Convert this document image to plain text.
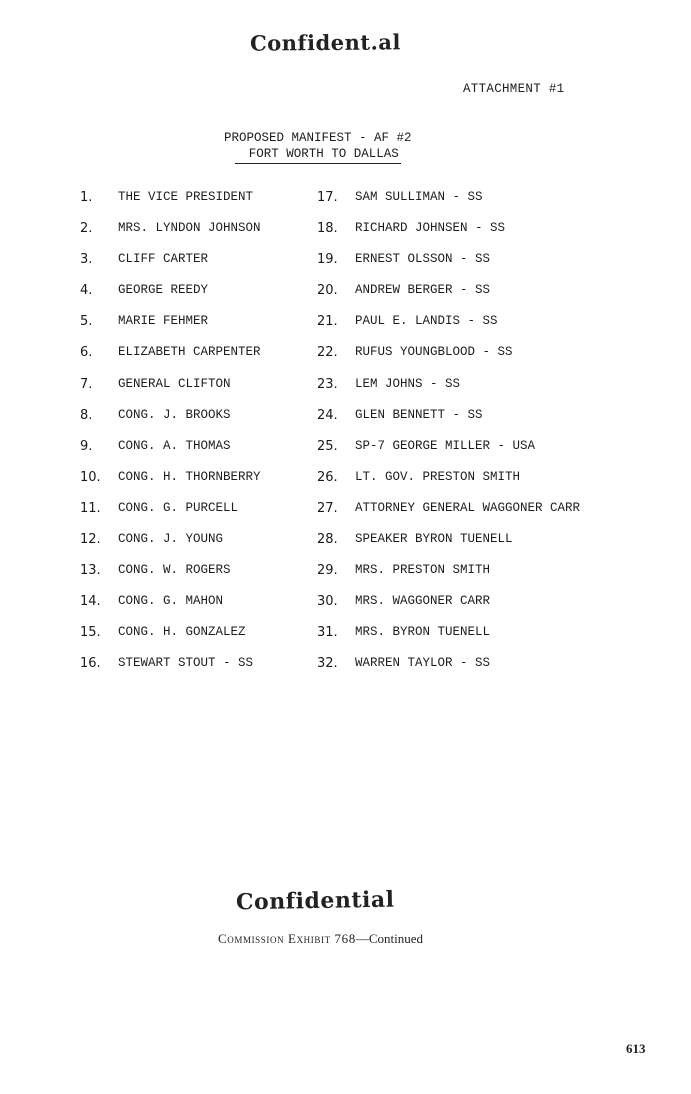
Confident.al
ATTACHMENT #1
PROPOSED MANIFEST - AF #2
FORT WORTH TO DALLAS
1.	THE VICE PRESIDENT
2.	MRS. LYNDON JOHNSON
3.	CLIFF CARTER
4.	GEORGE REEDY
5.	MARIE FEHMER
6.	ELIZABETH CARPENTER
7.	GENERAL CLIFTON
8.	CONG. J. BROOKS
9.	CONG. A. THOMAS
10.	CONG. H. THORNBERRY
11.	CONG. G. PURCELL
12.	CONG. J. YOUNG
13.	CONG. W. ROGERS
14.	CONG. G. MAHON
15.	CONG. H. GONZALEZ
16.	STEWART STOUT - SS
17.	SAM SULLIMAN - SS
18.	RICHARD JOHNSEN - SS
19.	ERNEST OLSSON - SS
20.	ANDREW BERGER - SS
21.	PAUL E. LANDIS - SS
22.	RUFUS YOUNGBLOOD - SS
23.	LEM JOHNS - SS
24.	GLEN BENNETT - SS
25.	SP-7 GEORGE MILLER - USA
26.	LT. GOV. PRESTON SMITH
27.	ATTORNEY GENERAL WAGGONER CARR
28.	SPEAKER BYRON TUENELL
29.	MRS. PRESTON SMITH
30.	MRS. WAGGONER CARR
31.	MRS. BYRON TUENELL
32.	WARREN TAYLOR - SS
Confidential
Commission Exhibit 768—Continued
613
